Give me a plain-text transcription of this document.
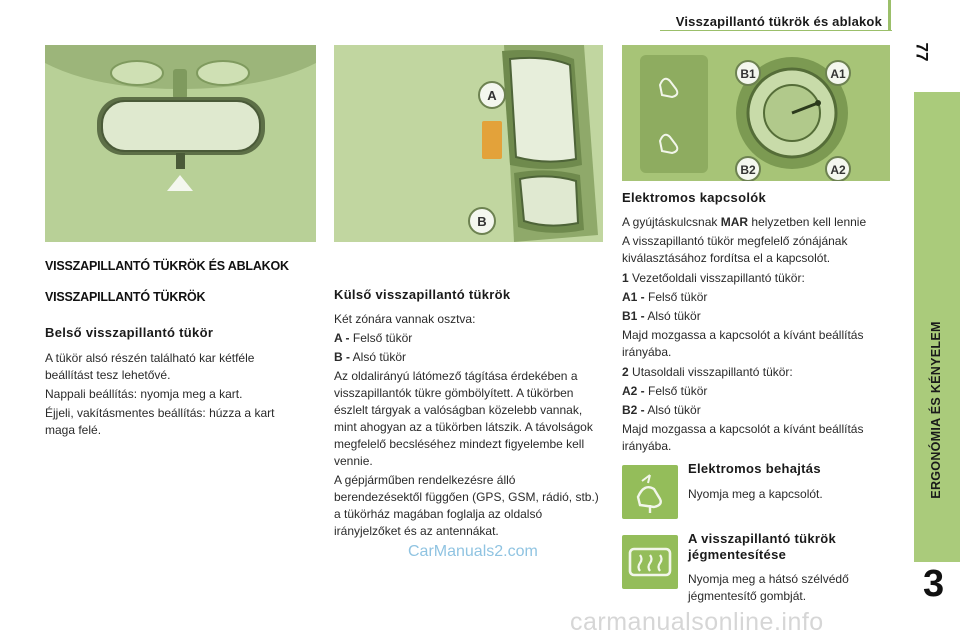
Visszapillantó tükrök és ablakok
77
ERGONÓMIA ÉS KÉNYELEM
3
A
B
B1	A1
B2	A2
VISSZAPILLANTÓ TÜKRÖK ÉS ABLAKOK
VISSZAPILLANTÓ TÜKRÖK
Belső visszapillantó tükör
A tükör alsó részén található kar kétféle beállítást tesz lehetővé.
Nappali beállítás: nyomja meg a kart.
Éjjeli, vakításmentes beállítás: húzza a kart maga felé.
Külső visszapillantó tükrök
Két zónára vannak osztva:
A - Felső tükör
B - Alsó tükör
Az oldalirányú látómező tágítása érdekében a visszapillantók tükre gömbölyített. A tükörben észlelt tárgyak a valóságban közelebb vannak, mint ahogyan az a tükörben látszik. A távolságok megfelelő becsléséhez mindezt figyelembe kell vennie.
A gépjárműben rendelkezésre álló berendezésektől függően (GPS, GSM, rádió, stb.) a tükörház magában foglalja az oldalsó irányjelzőket és az antennákat.
Elektromos kapcsolók
A gyújtáskulcsnak MAR helyzetben kell lennie
A visszapillantó tükör megfelelő zónájának kiválasztásához fordítsa el a kapcsolót.
1 Vezetőoldali visszapillantó tükör:
A1 - Felső tükör
B1 - Alsó tükör
Majd mozgassa a kapcsolót a kívánt beállítás irányába.
2 Utasoldali visszapillantó tükör:
A2 - Felső tükör
B2 - Alsó tükör
Majd mozgassa a kapcsolót a kívánt beállítás irányába.
Elektromos behajtás
Nyomja meg a kapcsolót.
A visszapillantó tükrök jégmentesítése
Nyomja meg a hátsó szélvédő jégmentesítő gombját.
CarManuals2.com
carmanualsonline.info
